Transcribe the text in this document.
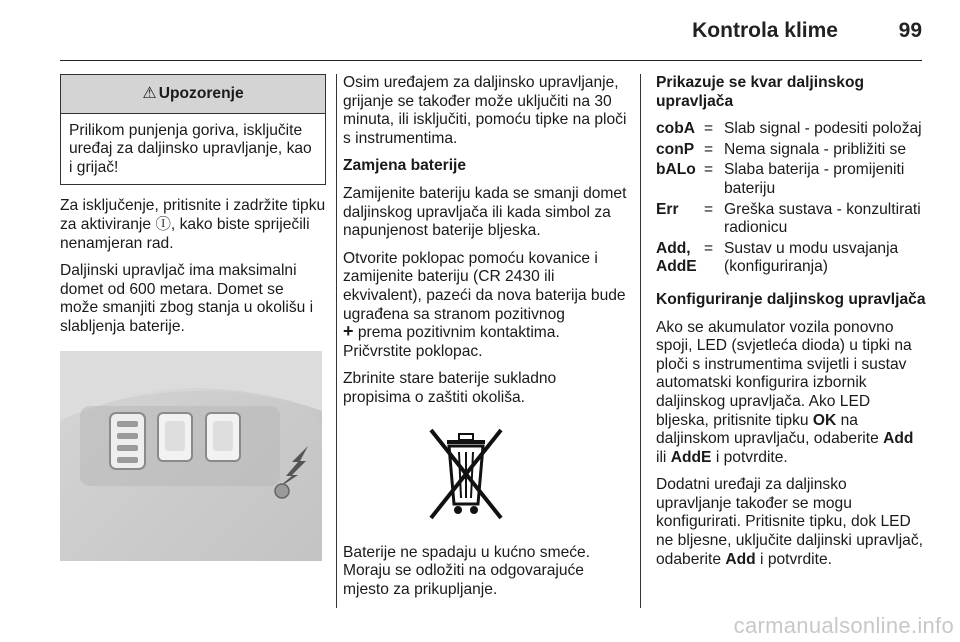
Kontrola klime	99
⚠ Upozorenje
Prilikom punjenja goriva, isključite uređaj za daljinsko upravljanje, kao i grijač!

Za isključenje, pritisnite i zadržite tipku za aktiviranje Ⓘ, kako biste spriječili nenamjeran rad.

Daljinski upravljač ima maksimalni domet od 600 metara. Domet se može smanjiti zbog stanja u okolišu i slabljenja baterije.

Osim uređajem za daljinsko upravljanje, grijanje se također može uključiti na 30 minuta, ili isključiti, pomoću tipke na ploči s instrumentima.

Zamjena baterije

Zamijenite bateriju kada se smanji domet daljinskog upravljača ili kada simbol za napunjenost baterije bljeska.

Otvorite poklopac pomoću kovanice i zamijenite bateriju (CR 2430 ili ekvivalent), pazeći da nova baterija bude ugrađena sa stranom pozitivnog
+ prema pozitivnim kontaktima.
Pričvrstite poklopac.

Zbrinite stare baterije sukladno propisima o zaštiti okoliša.

Baterije ne spadaju u kućno smeće. Moraju se odložiti na odgovarajuće mjesto za prikupljanje.

Prikazuje se kvar daljinskog upravljača

cobA = Slab signal - podesiti položaj
conP = Nema signala - približiti se
bALo = Slaba baterija - promijeniti bateriju
Err	= Greška sustava - konzultirati radionicu
Add, AddE
= Sustav u modu usvajanja (konfiguriranja)

Konfiguriranje daljinskog upravljača

Ako se akumulator vozila ponovno spoji, LED (svjetleća dioda) u tipki na ploči s instrumentima svijetli i sustav automatski konfigurira izbornik daljinskog upravljača. Ako LED bljeska, pritisnite tipku OK na daljinskom upravljaču, odaberite Add ili AddE i potvrdite.

Dodatni uređaji za daljinsko upravljanje također se mogu konfigurirati. Pritisnite tipku, dok LED ne bljesne, uključite daljinski upravljač, odaberite Add i potvrdite.

carmanualsonline.info
